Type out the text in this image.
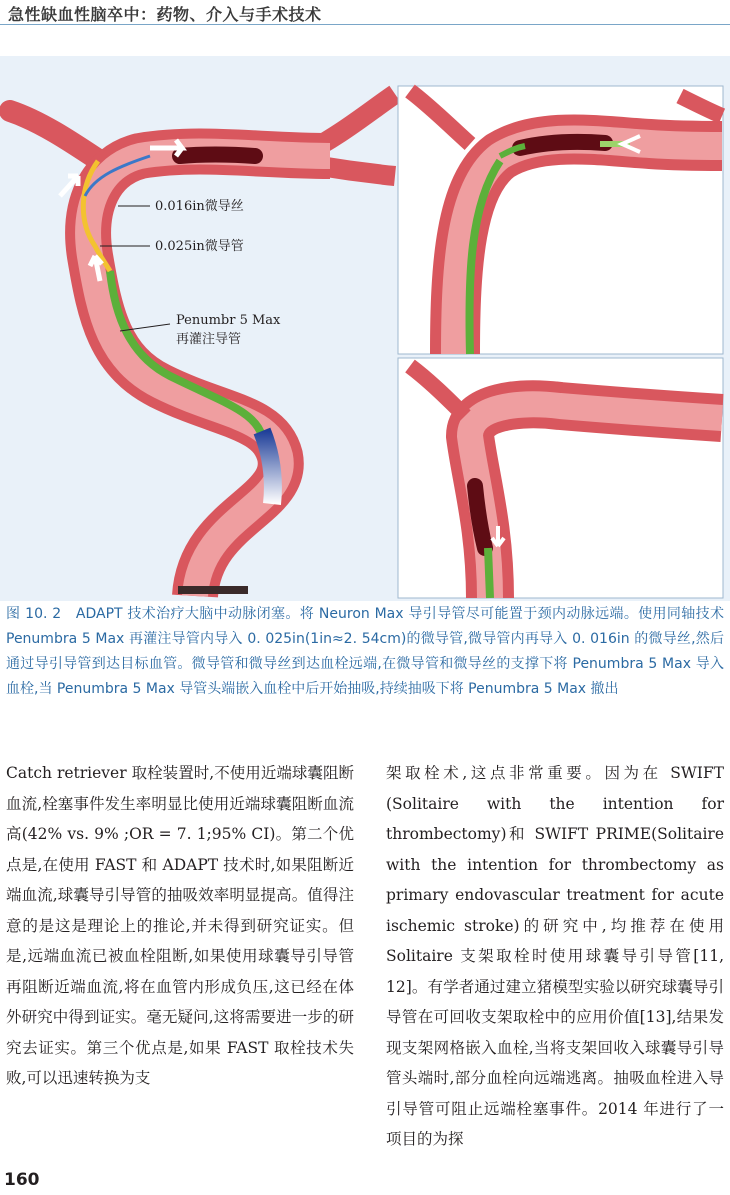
急性缺血性脑卒中：药物、介入与手术技术
0.016in微导丝
0.025in微导管
Penumbr 5 Max
再灌注导管
图 10. 2　ADAPT 技术治疗大脑中动脉闭塞。将 Neuron Max 导引导管尽可能置于颈内动脉远端。使用同轴技术 Penumbra 5 Max 再灌注导管内导入 0. 025in(1in≈2. 54cm)的微导管,微导管内再导入 0. 016in 的微导丝,然后通过导引导管到达目标血管。微导管和微导丝到达血栓远端,在微导管和微导丝的支撑下将 Penumbra 5 Max 导入血栓,当 Penumbra 5 Max 导管头端嵌入血栓中后开始抽吸,持续抽吸下将 Penumbra 5 Max 撤出
Catch retriever 取栓装置时,不使用近端球囊阻断血流,栓塞事件发生率明显比使用近端球囊阻断血流高(42% vs. 9% ;OR = 7. 1;95% CI)。第二个优点是,在使用 FAST 和 ADAPT 技术时,如果阻断近端血流,球囊导引导管的抽吸效率明显提高。值得注意的是这是理论上的推论,并未得到研究证实。但是,远端血流已被血栓阻断,如果使用球囊导引导管再阻断近端血流,将在血管内形成负压,这已经在体外研究中得到证实。毫无疑问,这将需要进一步的研究去证实。第三个优点是,如果 FAST 取栓技术失败,可以迅速转换为支
架取栓术,这点非常重要。因为在 SWIFT (Solitaire with the intention for thrombectomy)和 SWIFT PRIME(Solitaire with the intention for thrombectomy as primary endovascular treatment for acute ischemic stroke)的研究中,均推荐在使用 Solitaire 支架取栓时使用球囊导引导管[11, 12]。有学者通过建立猪模型实验以研究球囊导引导管在可回收支架取栓中的应用价值[13],结果发现支架网格嵌入血栓,当将支架回收入球囊导引导管头端时,部分血栓向远端逃离。抽吸血栓进入导引导管可阻止远端栓塞事件。2014 年进行了一项目的为探
160
